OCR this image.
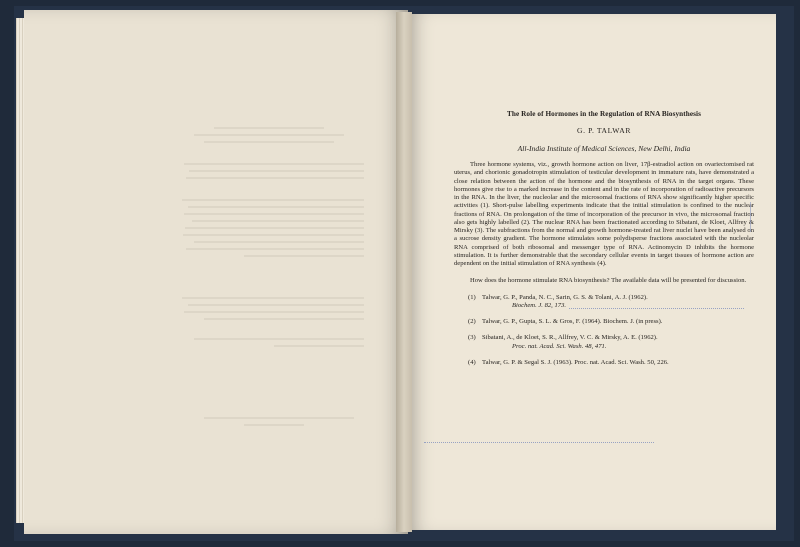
The Role of Hormones in the Regulation of RNA Biosynthesis
G. P. TALWAR
All-India Institute of Medical Sciences, New Delhi, India

Three hormone systems, viz., growth hormone action on liver, 17β-estradiol action on ovariectomised rat uterus, and chorionic gonadotropin stimulation of testicular development in immature rats, have demonstrated a close relation between the action of the hormone and the biosynthesis of RNA in the target organs. These hormones give rise to a marked increase in the content and in the rate of incorporation of radioactive precursors in the RNA. In the liver, the nucleolar and the microsomal fractions of RNA show significantly higher specific activities (1). Short-pulse labelling experiments indicate that the initial stimulation is confined to the nuclear fractions of RNA. On prolongation of the time of incorporation of the precursor in vivo, the microsomal fraction also gets highly labelled (2). The nuclear RNA has been fractionated according to Sibatani, de Kloet, Allfrey & Mirsky (3). The subfractions from the normal and growth hormone-treated rat liver nuclei have been analysed on a sucrose density gradient. The hormone stimulates some polydisperse fractions associated with the nucleolar RNA comprised of both ribosomal and messenger type of RNA. Actinomycin D inhibits the hormone stimulation. It is further demonstrable that the secondary cellular events in target tissues of hormone action are dependent on the initial stimulation of RNA synthesis (4).

How does the hormone stimulate RNA biosynthesis? The available data will be presented for discussion.

(1) Talwar, G. P., Panda, N. C., Sarin, G. S. & Tolani, A. J. (1962).
Biochem. J. 82, 173.
(2) Talwar, G. P., Gupta, S. L. & Gros, F. (1964). Biochem. J. (in press).
(3) Sibatani, A., de Kloet, S. R., Allfrey, V. C. & Mirsky, A. E. (1962).
Proc. nat. Acad. Sci. Wash. 48, 471.
(4) Talwar, G. P. & Segal S. J. (1963). Proc. nat. Acad. Sci. Wash. 50, 226.
